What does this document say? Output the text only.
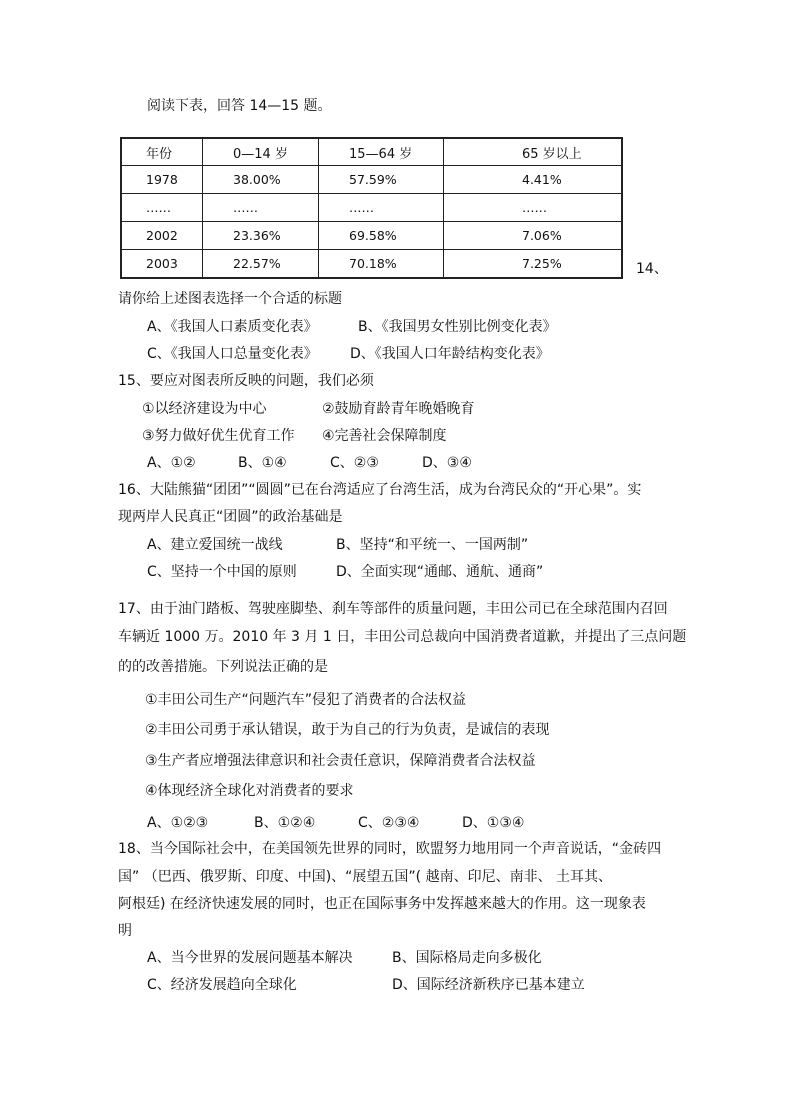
阅读下表，回答 14—15 题。
年份	0—14 岁	15—64 岁	65 岁以上
1978	38.00%	57.59%	4.41%
……	……	……	……
2002	23.36%	69.58%	7.06%
2003	22.57%	70.18%	7.25%	14、
请你给上述图表选择一个合适的标题
A、《我国人口素质变化表》	B、《我国男女性别比例变化表》
C、《我国人口总量变化表》 D、《我国人口年龄结构变化表》
15、要应对图表所反映的问题，我们必须
①以经济建设为中心	②鼓励育龄青年晚婚晚育
③努力做好优生优育工作 ④完善社会保障制度
A、①②	B、①④	C、②③	D、③④
16、大陆熊猫“团团”“圆圆”已在台湾适应了台湾生活，成为台湾民众的“开心果”。实
现两岸人民真正“团圆”的政治基础是
A、建立爱国统一战线	B、坚持“和平统一、一国两制”
C、坚持一个中国的原则	D、全面实现“通邮、通航、通商”
17、由于油门踏板、驾驶座脚垫、刹车等部件的质量问题，丰田公司已在全球范围内召回
车辆近 1000 万。2010 年 3 月 1 日，丰田公司总裁向中国消费者道歉，并提出了三点问题
的的改善措施。下列说法正确的是
①丰田公司生产“问题汽车”侵犯了消费者的合法权益
②丰田公司勇于承认错误，敢于为自己的行为负责，是诚信的表现
③生产者应增强法律意识和社会责任意识，保障消费者合法权益
④体现经济全球化对消费者的要求
A、①②③	B、①②④	C、②③④	D、①③④
18、当今国际社会中，在美国领先世界的同时，欧盟努力地用同一个声音说话，“金砖四
国” （巴西、俄罗斯、印度、中国)、“展望五国”( 越南、印尼、南非、 土耳其、
阿根廷) 在经济快速发展的同时，也正在国际事务中发挥越来越大的作用。这一现象表
明
A、当今世界的发展问题基本解决	B、国际格局走向多极化
C、经济发展趋向全球化	D、国际经济新秩序已基本建立
